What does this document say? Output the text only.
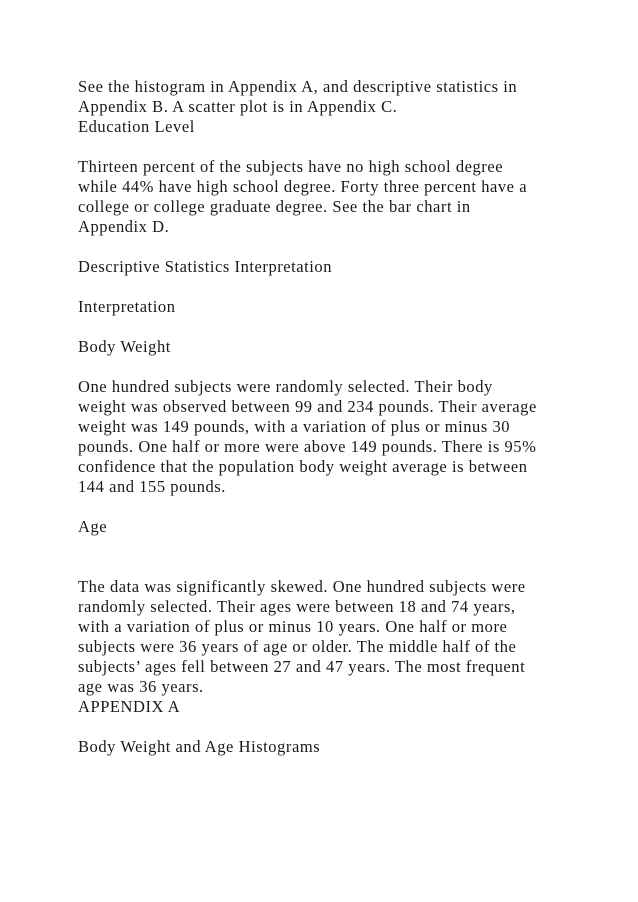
See the histogram in Appendix A, and descriptive statistics in
Appendix B. A scatter plot is in Appendix C.
Education Level

Thirteen percent of the subjects have no high school degree
while 44% have high school degree. Forty three percent have a
college or college graduate degree. See the bar chart in
Appendix D.

Descriptive Statistics Interpretation

Interpretation

Body Weight

One hundred subjects were randomly selected. Their body
weight was observed between 99 and 234 pounds. Their average
weight was 149 pounds, with a variation of plus or minus 30
pounds. One half or more were above 149 pounds. There is 95%
confidence that the population body weight average is between
144 and 155 pounds.

Age

The data was significantly skewed. One hundred subjects were
randomly selected. Their ages were between 18 and 74 years,
with a variation of plus or minus 10 years. One half or more
subjects were 36 years of age or older. The middle half of the
subjects’ ages fell between 27 and 47 years. The most frequent
age was 36 years.
APPENDIX A

Body Weight and Age Histograms
